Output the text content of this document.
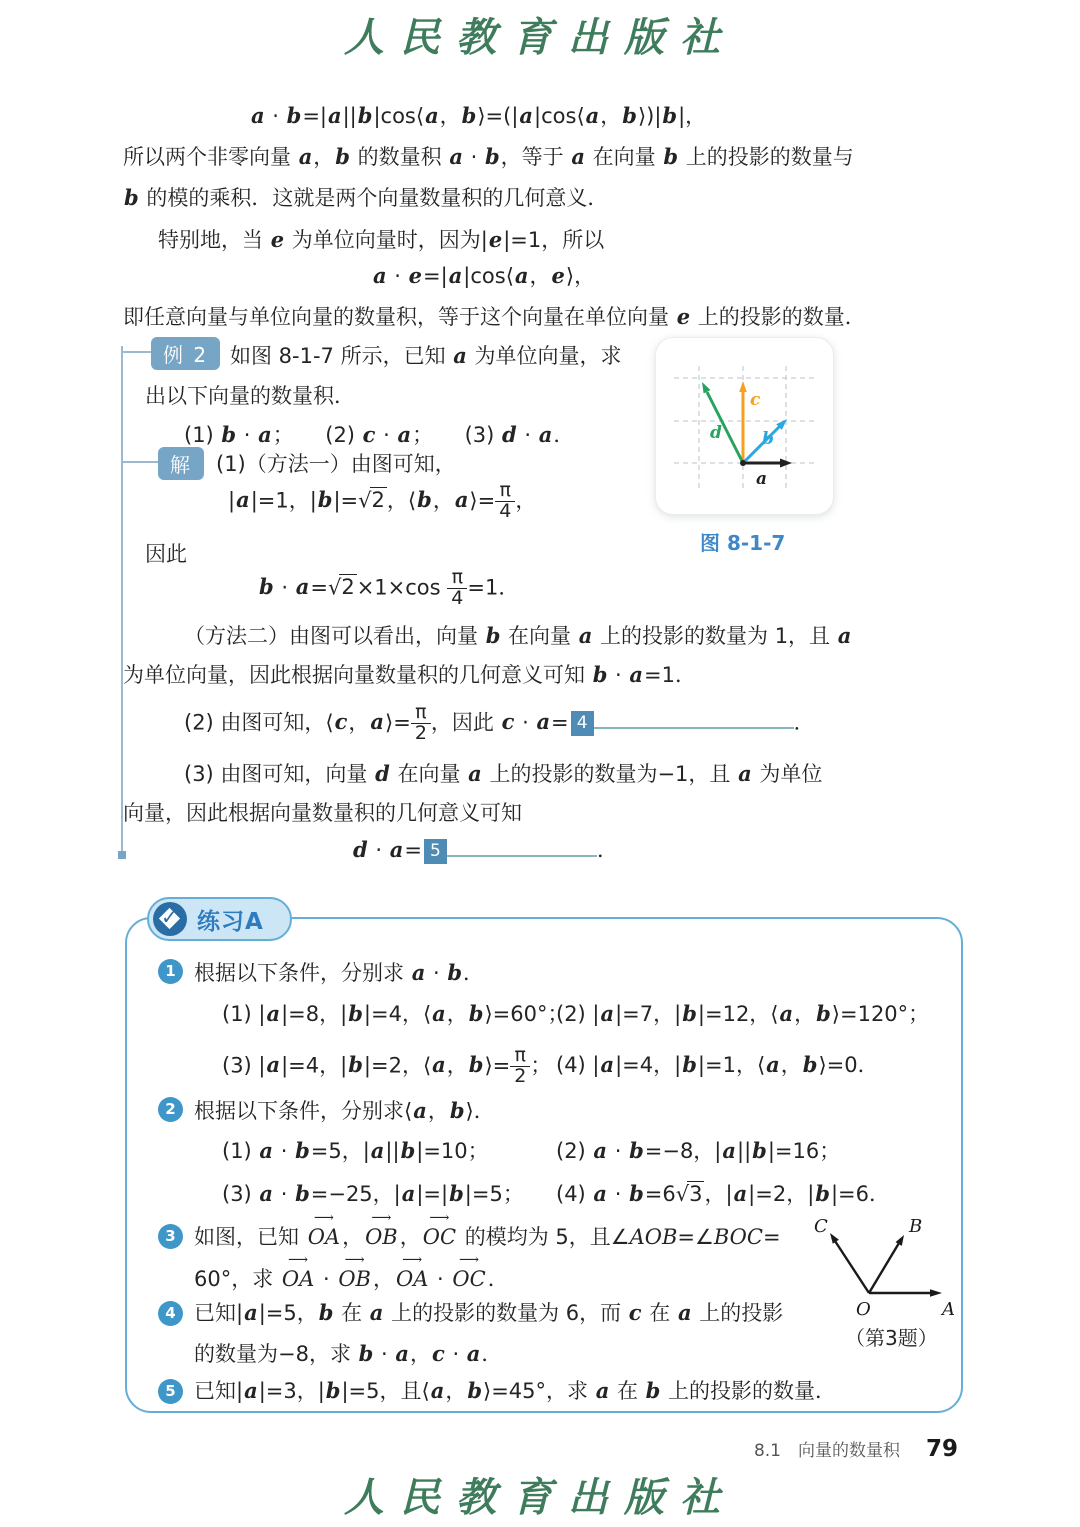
人民教育出版社
a · b=|a||b|cos⟨a，b⟩=(|a|cos⟨a，b⟩)|b|，
所以两个非零向量 a，b 的数量积 a · b，等于 a 在向量 b 上的投影的数量与
b 的模的乘积．这就是两个向量数量积的几何意义．
特别地，当 e 为单位向量时，因为|e|=1，所以
a · e=|a|cos⟨a，e⟩，
即任意向量与单位向量的数量积，等于这个向量在单位向量 e 上的投影的数量．
例 2	如图 8-1-7 所示，已知 a 为单位向量，求
出以下向量的数量积．
(1) b · a；　　(2) c · a；　　(3) d · a．
解	(1)（方法一）由图可知，
|a|=1，|b|=√2，⟨b，a⟩= $\frac{\pi}{4}$ ，
因此
$b \cdot a=√2\times 1\times\cos \frac{\pi}{4} =1$．
（方法二）由图可以看出，向量 b 在向量 a 上的投影的数量为 1，且 a
为单位向量，因此根据向量数量积的几何意义可知 b · a=1．
(2) 由图可知，⟨c，a⟩= $\frac{\pi}{2}$ ，因此 c · a= 4	．
(3) 由图可知，向量 d 在向量 a 上的投影的数量为−1，且 a 为单位
向量，因此根据向量数量积的几何意义可知
d · a= 5	．
a
b
c
d
图 8-1-7
✓ 练习A
1 根据以下条件，分别求 a · b．
(1) |a|=8，|b|=4，⟨a，b⟩=60°；
(2) |a|=7，|b|=12，⟨a，b⟩=120°；
(3) |a|=4，|b|=2，⟨a，b⟩= $\frac{\pi}{2}$ ； (4) |a|=4，|b|=1，⟨a，b⟩=0．
2 根据以下条件，分别求⟨a，b⟩．
(1) a · b=5，|a||b|=10；	(2) a · b=−8，|a||b|=16；
(3) a · b=−25，|a|=|b|=5； (4) a · b=6√3，|a|=2，|b|=6．
3 如图，已知 ⟶ OA，⟶ OB，⟶ OC 的模均为 5，且∠AOB=∠BOC=
60°，求 ⟶ OA · ⟶ OB，⟶ OA · ⟶ OC．
4 已知|a|=5，b 在 a 上的投影的数量为 6，而 c 在 a 上的投影
的数量为−8，求 b · a，c · a．
5 已知|a|=3，|b|=5，且⟨a，b⟩=45°，求 a 在 b 上的投影的数量．
O	A
B
C
（第3题）
8.1　 向量的数量积 79
人民教育出版社
